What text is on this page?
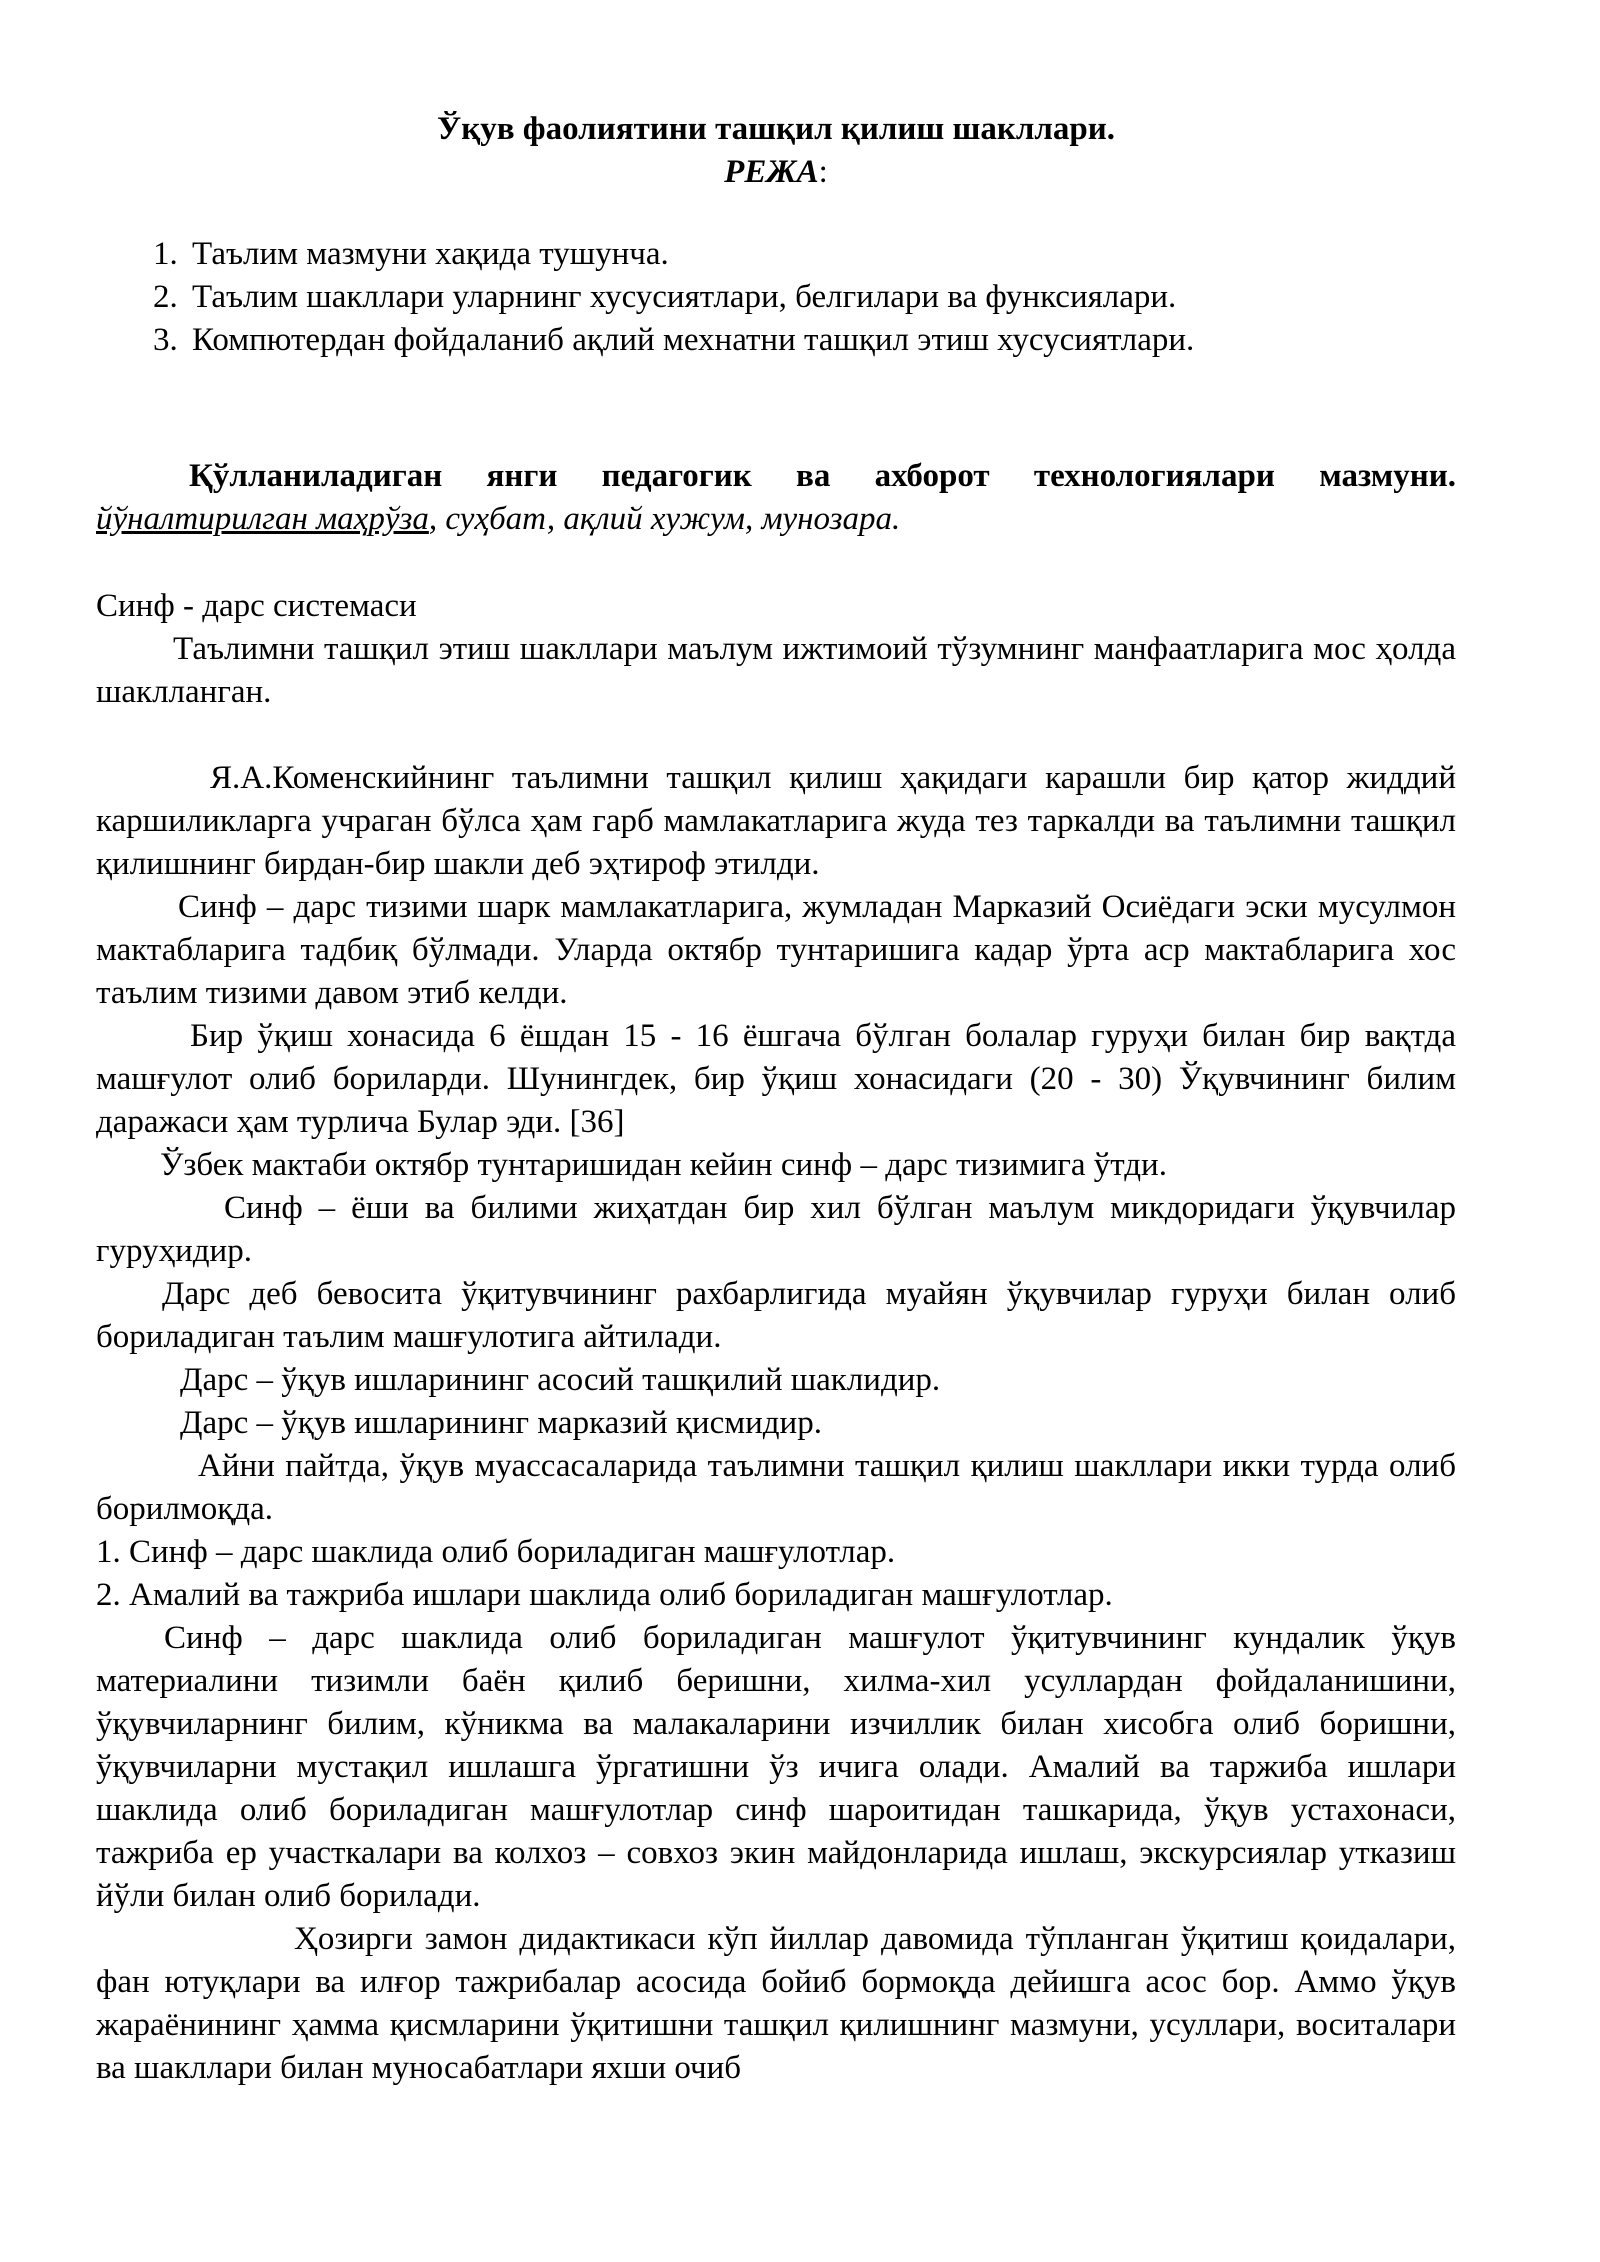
Ўқув фаолиятини ташқил қилиш шакллари.

РЕЖА:

1. Таълим мазмуни хақида тушунча.
2. Таълим шакллари уларнинг хусусиятлари, белгилари ва функсиялари.
3. Компютердан фойдаланиб ақлий мехнатни ташқил этиш хусусиятлари.

Қўлланиладиган янги педагогик ва ахборот технологиялари мазмуни. йўналтирилган маҳрўза, суҳбат, ақлий хужум, мунозара.

Синф - дарс системаси

Таълимни ташқил этиш шакллари маълум ижтимоий тўзумнинг манфаатларига мос ҳолда шаклланган.

Я.А.Коменскийнинг таълимни ташқил қилиш ҳақидаги карашли бир қатор жиддий каршиликларга учраган бўлса ҳам гарб мамлакатларига жуда тез таркалди ва таълимни ташқил қилишнинг бирдан-бир шакли деб эҳтироф этилди.

Синф – дарс тизими шарк мамлакатларига, жумладан Марказий Осиёдаги эски мусулмон мактабларига тадбиқ бўлмади. Уларда октябр тунтаришига кадар ўрта аср мактабларига хос таълим тизими давом этиб келди.

Бир ўқиш хонасида 6 ёшдан 15 - 16 ёшгача бўлган болалар гуруҳи билан бир вақтда машғулот олиб бориларди. Шунингдек, бир ўқиш хонасидаги (20 - 30) Ўқувчининг билим даражаси ҳам турлича Булар эди. [36]

Ўзбек мактаби октябр тунтаришидан кейин синф – дарс тизимига ўтди.

Синф – ёши ва билими жиҳатдан бир хил бўлган маълум микдоридаги ўқувчилар гуруҳидир.

Дарс деб бевосита ўқитувчининг рахбарлигида муайян ўқувчилар гуруҳи билан олиб бориладиган таълим машғулотига айтилади.

Дарс – ўқув ишларининг асосий ташқилий шаклидир.

Дарс – ўқув ишларининг марказий қисмидир.

Айни пайтда, ўқув муассасаларида таълимни ташқил қилиш шакллари икки турда олиб борилмоқда.

1. Синф – дарс шаклида олиб бориладиган машғулотлар.

2. Амалий ва тажриба ишлари шаклида олиб бориладиган машғулотлар.

Синф – дарс шаклида олиб бориладиган машғулот ўқитувчининг кундалик ўқув материалини тизимли баён қилиб беришни, хилма-хил усуллардан фойдаланишини, ўқувчиларнинг билим, кўникма ва малакаларини изчиллик билан хисобга олиб боришни, ўқувчиларни мустақил ишлашга ўргатишни ўз ичига олади. Амалий ва таржиба ишлари шаклида олиб бориладиган машғулотлар синф шароитидан ташкарида, ўқув устахонаси, тажриба ер участкалари ва колхоз – совхоз экин майдонларида ишлаш, экскурсиялар утказиш йўли билан олиб борилади.

Ҳозирги замон дидактикаси кўп йиллар давомида тўпланган ўқитиш қоидалари, фан ютуқлари ва илғор тажрибалар асосида бойиб бормоқда дейишга асос бор. Аммо ўқув жараёнининг ҳамма қисмларини ўқитишни ташқил қилишнинг мазмуни, усуллари, воситалари ва шакллари билан муносабатлари яхши очиб
